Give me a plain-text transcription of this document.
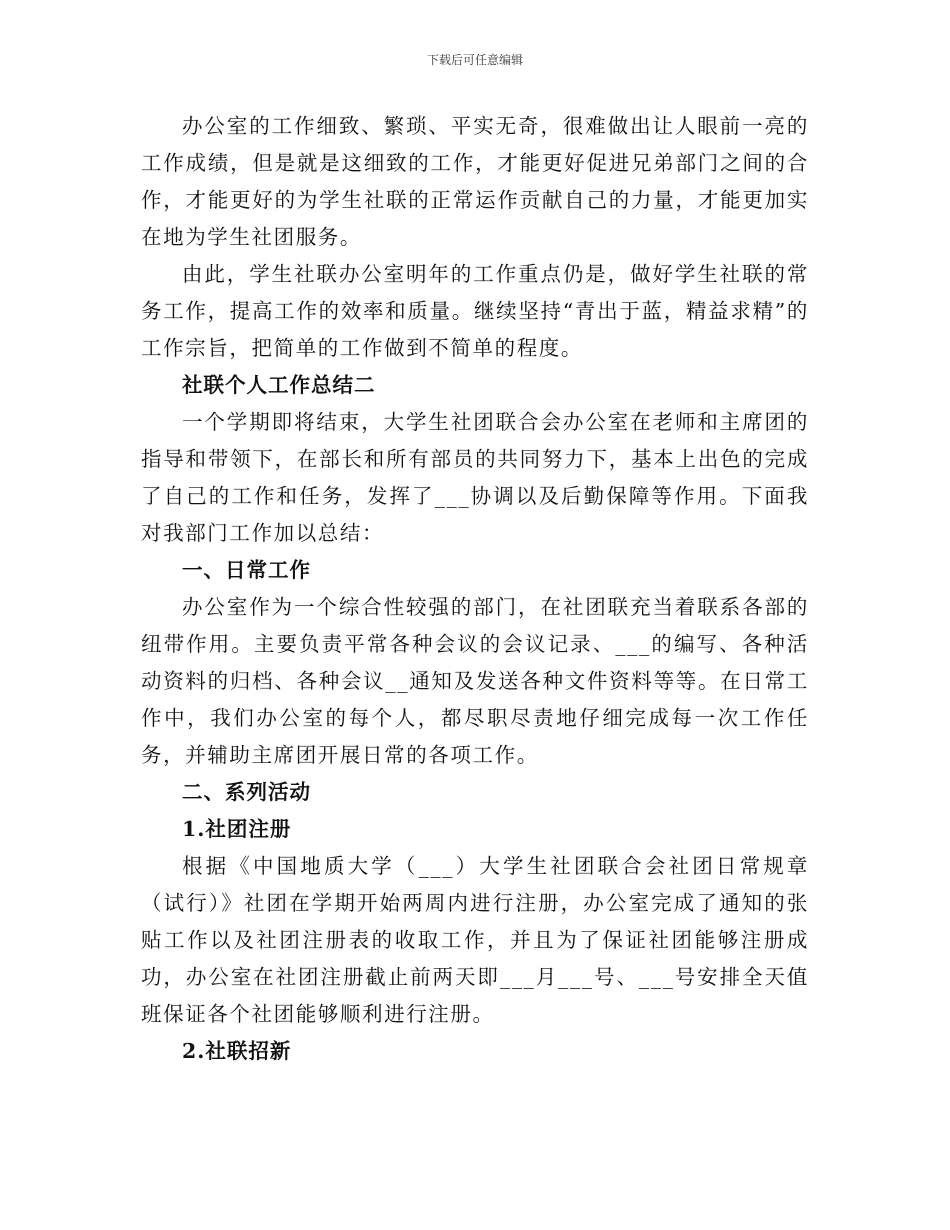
下载后可任意编辑

办公室的工作细致、繁琐、平实无奇，很难做出让人眼前一亮的工作成绩，但是就是这细致的工作，才能更好促进兄弟部门之间的合作，才能更好的为学生社联的正常运作贡献自己的力量，才能更加实在地为学生社团服务。

由此，学生社联办公室明年的工作重点仍是，做好学生社联的常务工作，提高工作的效率和质量。继续坚持“青出于蓝，精益求精”的工作宗旨，把简单的工作做到不简单的程度。

社联个人工作总结二

一个学期即将结束，大学生社团联合会办公室在老师和主席团的指导和带领下，在部长和所有部员的共同努力下，基本上出色的完成了自己的工作和任务，发挥了___协调以及后勤保障等作用。下面我对我部门工作加以总结：

一、日常工作

办公室作为一个综合性较强的部门，在社团联充当着联系各部的纽带作用。主要负责平常各种会议的会议记录、___的编写、各种活动资料的归档、各种会议__通知及发送各种文件资料等等。在日常工作中，我们办公室的每个人，都尽职尽责地仔细完成每一次工作任务，并辅助主席团开展日常的各项工作。

二、系列活动

1.社团注册

根据《中国地质大学（___）大学生社团联合会社团日常规章（试行）》社团在学期开始两周内进行注册，办公室完成了通知的张贴工作以及社团注册表的收取工作，并且为了保证社团能够注册成功，办公室在社团注册截止前两天即___月___号、___号安排全天值班保证各个社团能够顺利进行注册。

2.社联招新
